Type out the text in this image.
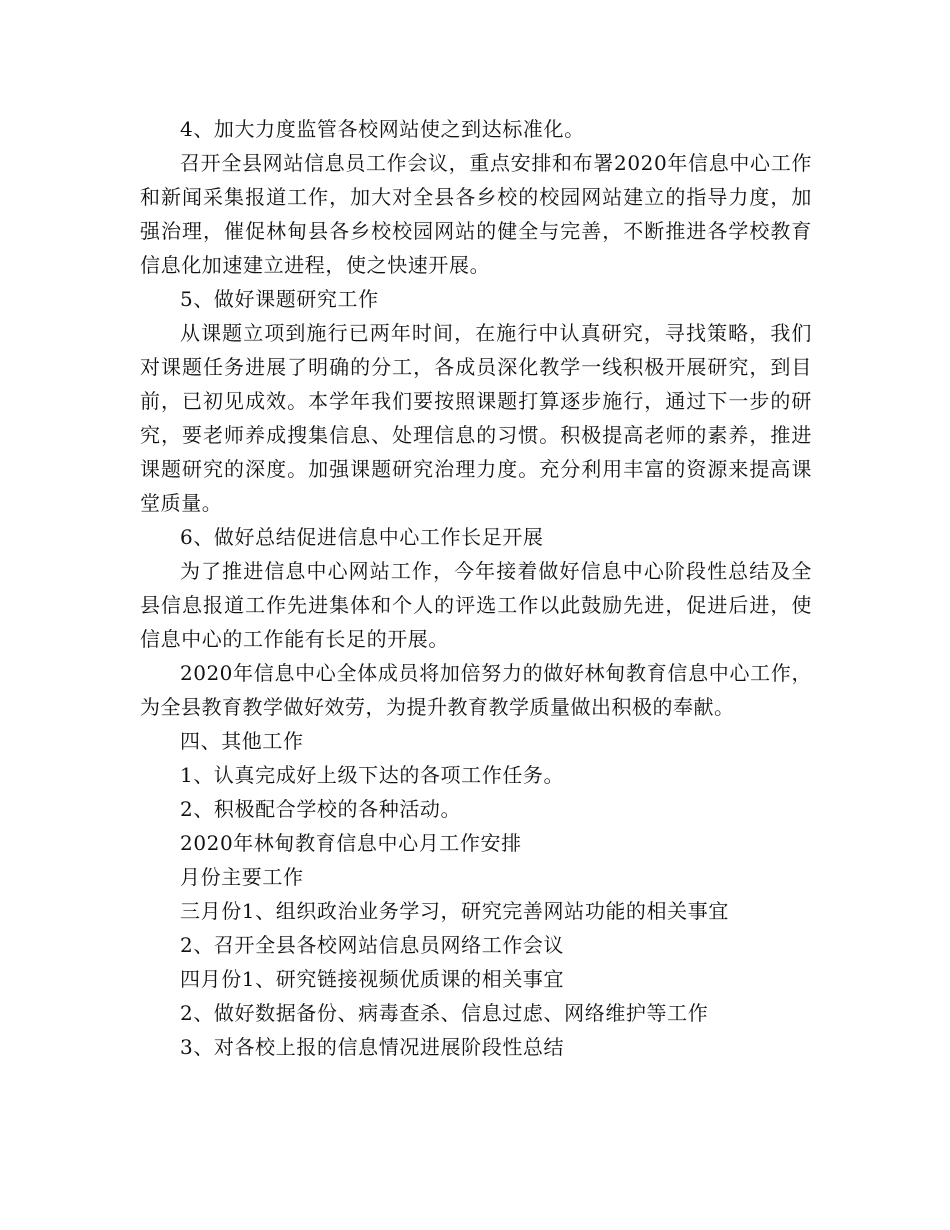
4、加大力度监管各校网站使之到达标准化。

召开全县网站信息员工作会议，重点安排和布署2020年信息中心工作和新闻采集报道工作，加大对全县各乡校的校园网站建立的指导力度，加强治理，催促林甸县各乡校校园网站的健全与完善，不断推进各学校教育信息化加速建立进程，使之快速开展。

5、做好课题研究工作

从课题立项到施行已两年时间，在施行中认真研究，寻找策略，我们对课题任务进展了明确的分工，各成员深化教学一线积极开展研究，到目前，已初见成效。本学年我们要按照课题打算逐步施行，通过下一步的研究，要老师养成搜集信息、处理信息的习惯。积极提高老师的素养，推进课题研究的深度。加强课题研究治理力度。充分利用丰富的资源来提高课堂质量。

6、做好总结促进信息中心工作长足开展

为了推进信息中心网站工作，今年接着做好信息中心阶段性总结及全县信息报道工作先进集体和个人的评选工作以此鼓励先进，促进后进，使信息中心的工作能有长足的开展。

2020年信息中心全体成员将加倍努力的做好林甸教育信息中心工作，为全县教育教学做好效劳，为提升教育教学质量做出积极的奉献。

四、其他工作

1、认真完成好上级下达的各项工作任务。

2、积极配合学校的各种活动。

2020年林甸教育信息中心月工作安排

月份主要工作

三月份1、组织政治业务学习，研究完善网站功能的相关事宜

2、召开全县各校网站信息员网络工作会议

四月份1、研究链接视频优质课的相关事宜

2、做好数据备份、病毒查杀、信息过虑、网络维护等工作

3、对各校上报的信息情况进展阶段性总结
